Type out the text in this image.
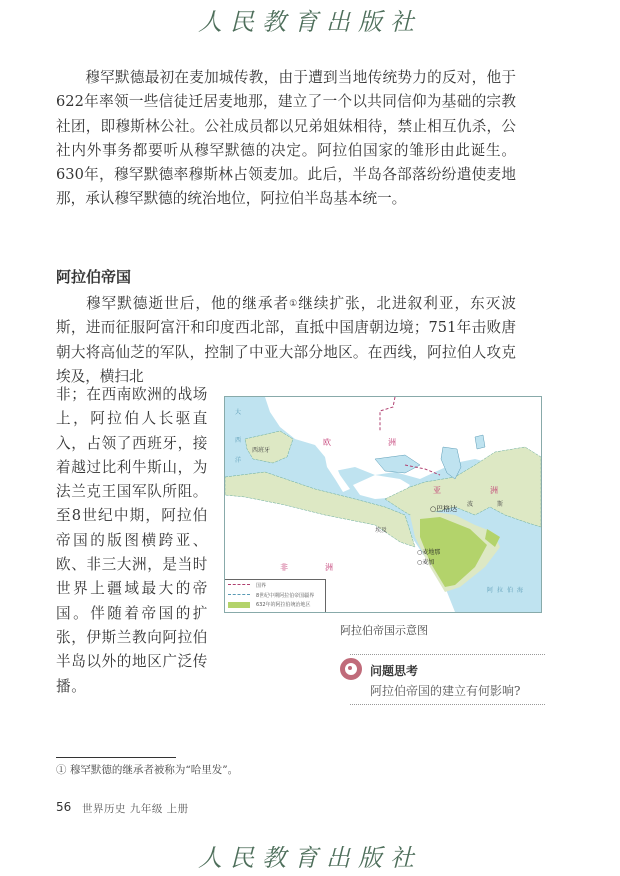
人民教育出版社

穆罕默德最初在麦加城传教，由于遭到当地传统势力的反对，他于622年率领一些信徒迁居麦地那，建立了一个以共同信仰为基础的宗教社团，即穆斯林公社。公社成员都以兄弟姐妹相待，禁止相互仇杀，公社内外事务都要听从穆罕默德的决定。阿拉伯国家的雏形由此诞生。630年，穆罕默德率穆斯林占领麦加。此后，半岛各部落纷纷遣使麦地那，承认穆罕默德的统治地位，阿拉伯半岛基本统一。

阿拉伯帝国

穆罕默德逝世后，他的继承者①继续扩张，北进叙利亚，东灭波斯，进而征服阿富汗和印度西北部，直抵中国唐朝边境；751年击败唐朝大将高仙芝的军队，控制了中亚大部分地区。在西线，阿拉伯人攻克埃及，横扫北

非；在西南欧洲的战场上，阿拉伯人长驱直入，占领了西班牙，接着越过比利牛斯山，为法兰克王国军队所阻。至8世纪中期，阿拉伯帝国的版图横跨亚、欧、非三大洲，是当时世界上疆域最大的帝国。伴随着帝国的扩张，伊斯兰教向阿拉伯半岛以外的地区广泛传播。

大
西
洋
西班牙
欧	洲
亚	洲
波	斯
○巴格达
埃及
○麦地那
○麦加
非	洲
阿拉伯海
国界
8世纪中期阿拉伯帝国疆界
632年的阿拉伯统治地区
阿拉伯帝国示意图
问题思考
阿拉伯帝国的建立有何影响?
① 穆罕默德的继承者被称为“哈里发”。
56 世界历史 九年级 上册
人民教育出版社
